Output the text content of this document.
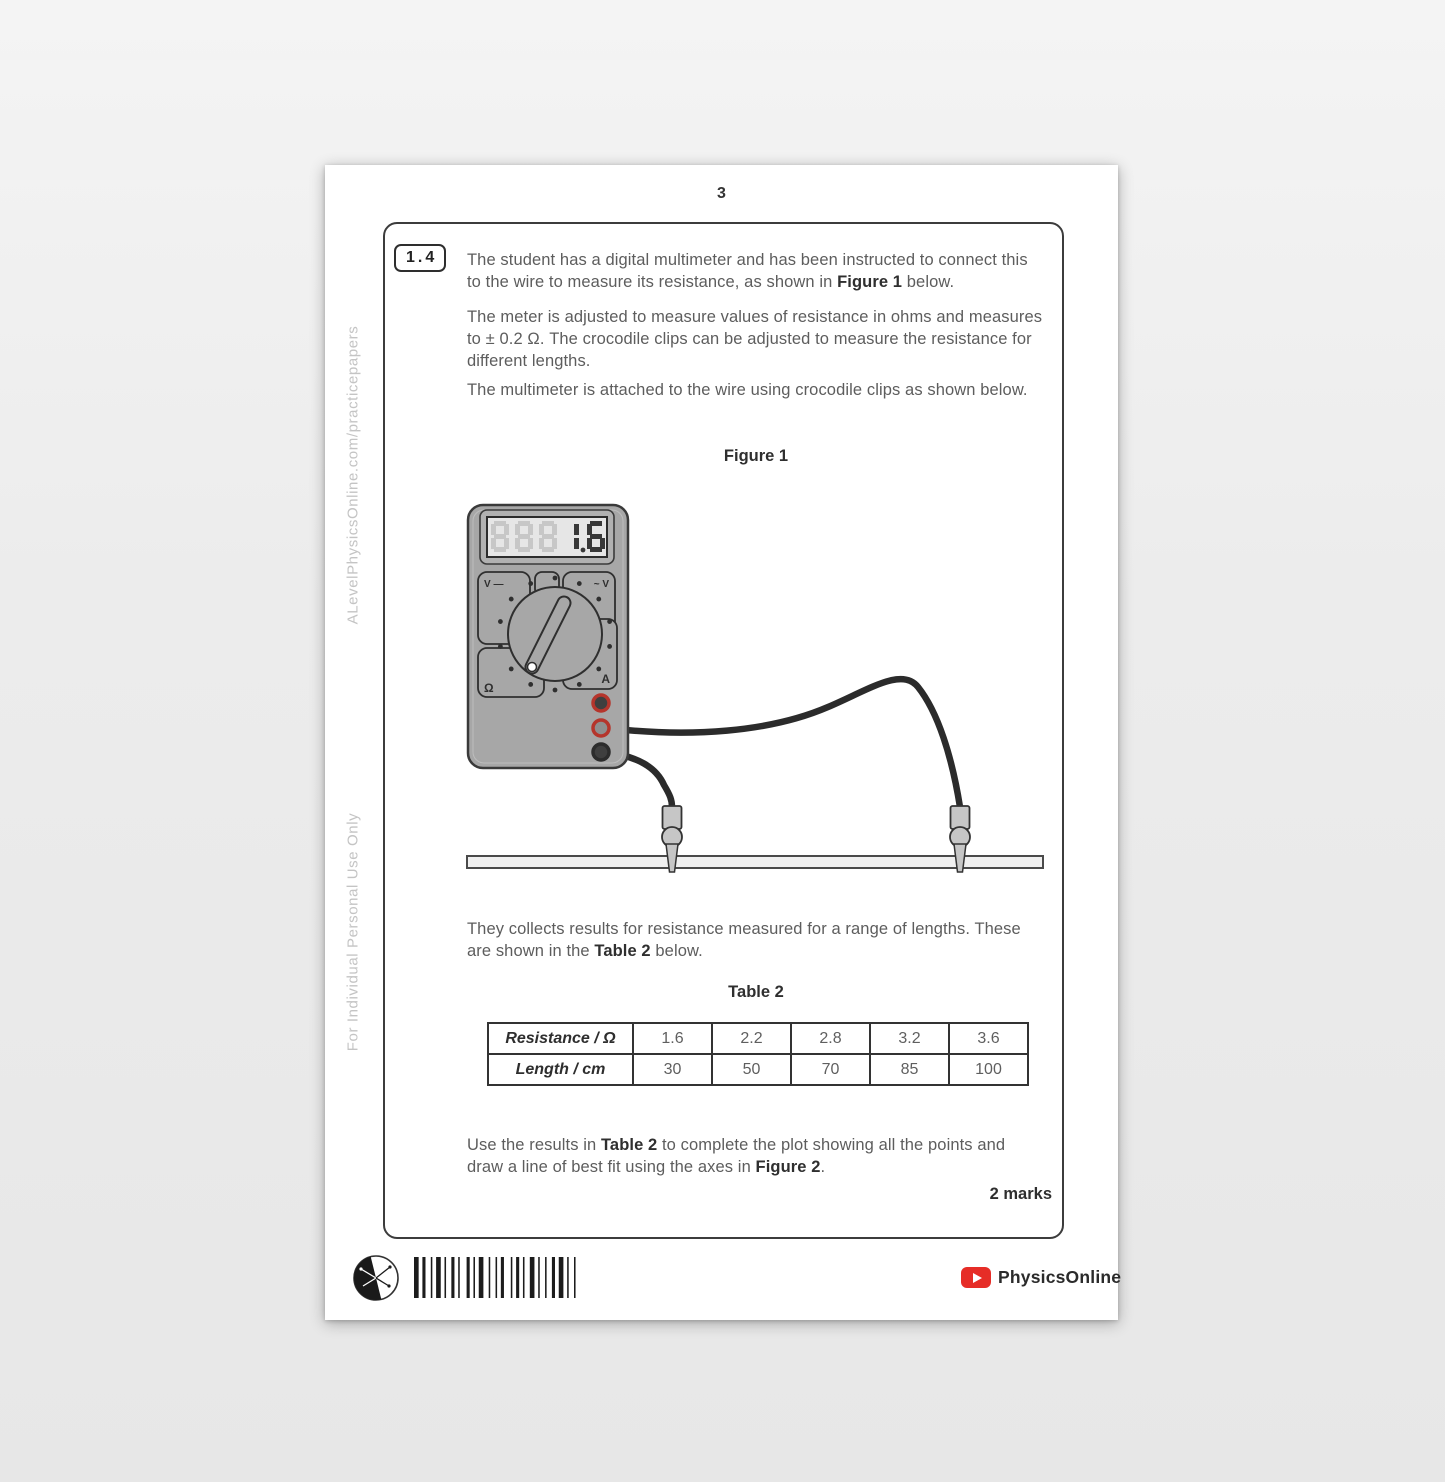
3
ALevelPhysicsOnline.com/practicepapers
For Individual Personal Use Only
1.4	The student has a digital multimeter and has been instructed to connect this to the wire to measure its resistance, as shown in Figure 1 below.
The meter is adjusted to measure values of resistance in ohms and measures to ± 0.2 Ω. The crocodile clips can be adjusted to measure the resistance for different lengths.
The multimeter is attached to the wire using crocodile clips as shown below.
Figure 1
V —	~ V
A
Ω
They collects results for resistance measured for a range of lengths. These are shown in the Table 2 below.
Table 2
Resistance / Ω	1.6	2.2	2.8	3.2	3.6
Length / cm	30	50	70	85	100
Use the results in Table 2 to complete the plot showing all the points and draw a line of best fit using the axes in Figure 2.
2 marks
PhysicsOnline
